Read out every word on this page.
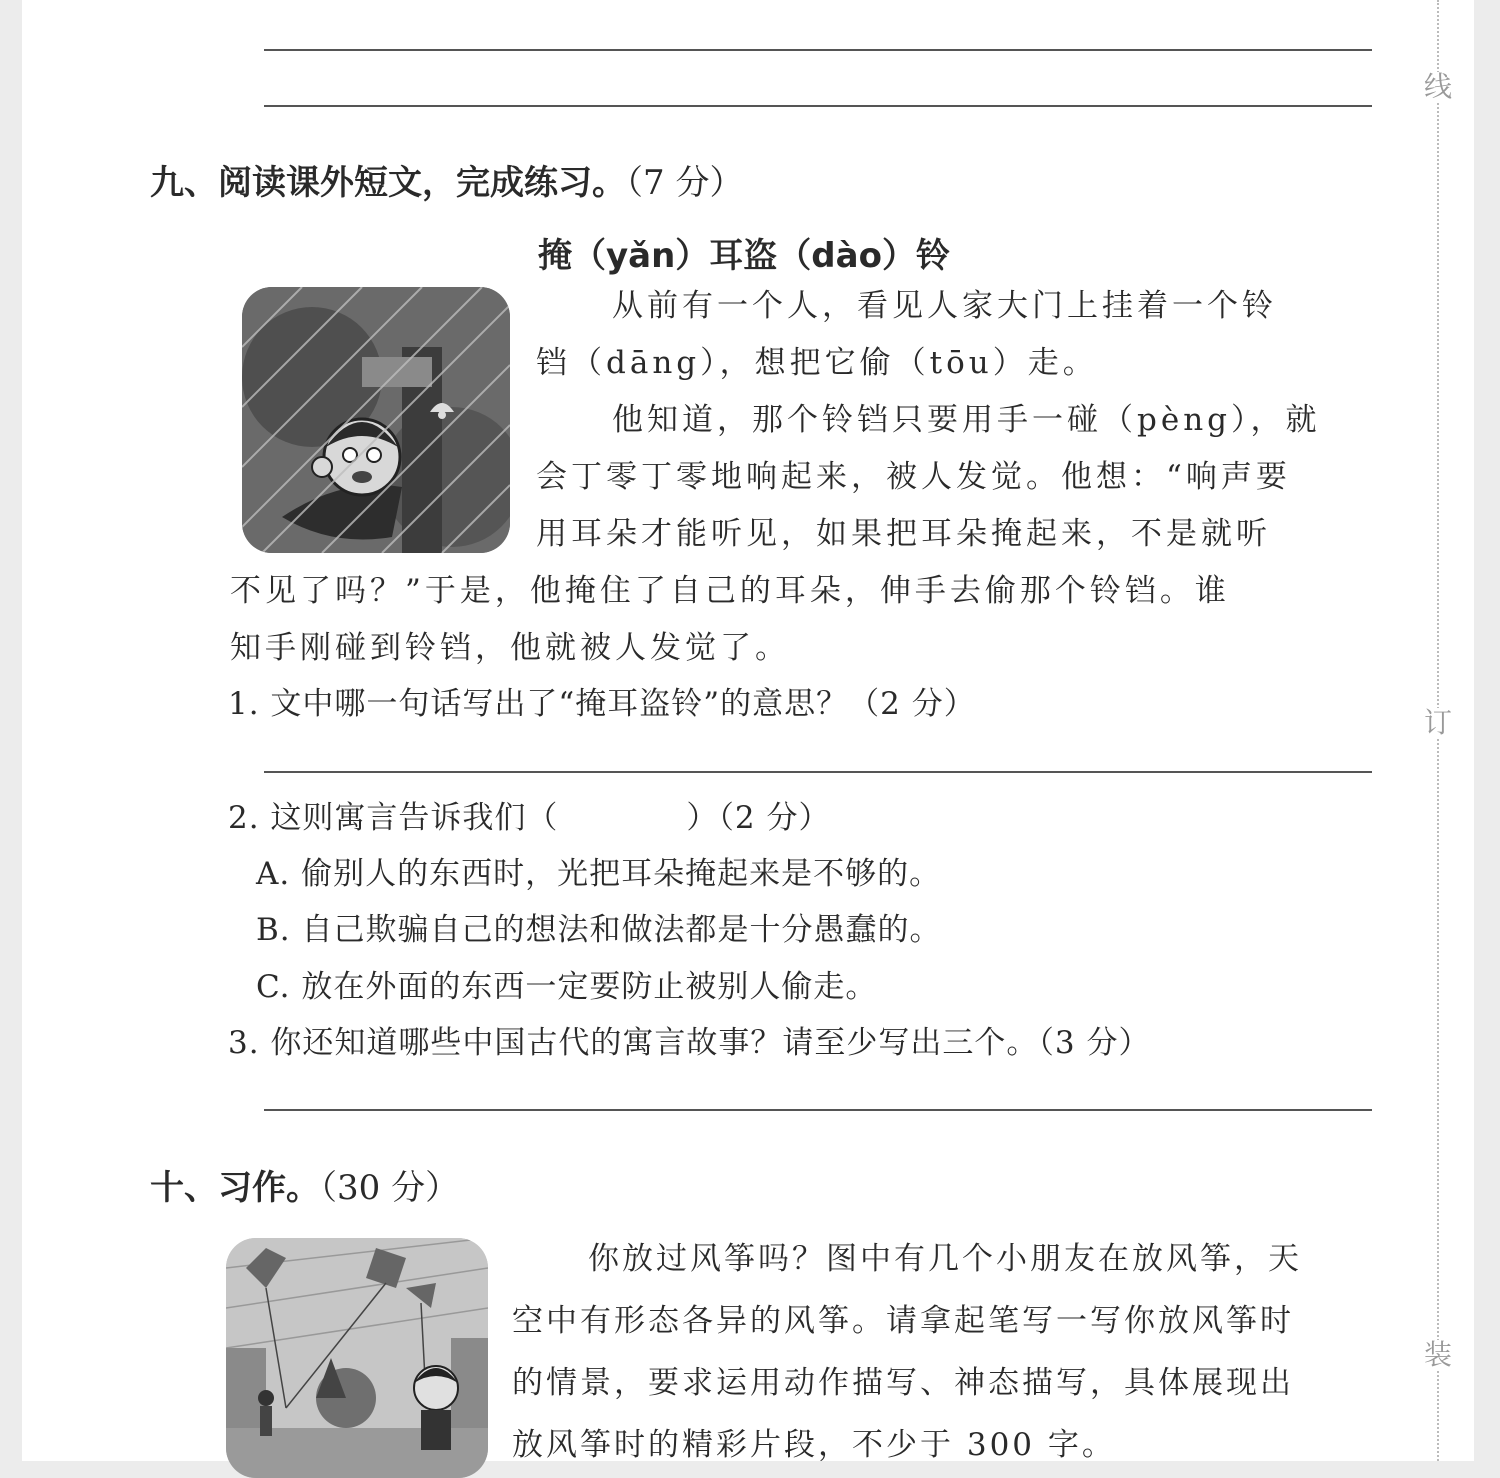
九、阅读课外短文，完成练习。（7 分）
掩（yǎn）耳盗（dào）铃
从前有一个人，看见人家大门上挂着一个铃
铛（dāng），想把它偷（tōu）走。
他知道，那个铃铛只要用手一碰（pèng），就
会丁零丁零地响起来，被人发觉。他想：“响声要
用耳朵才能听见，如果把耳朵掩起来，不是就听
不见了吗？”于是，他掩住了自己的耳朵，伸手去偷那个铃铛。谁
知手刚碰到铃铛，他就被人发觉了。
1. 文中哪一句话写出了“掩耳盗铃”的意思？（2 分）
2. 这则寓言告诉我们（　　　　）（2 分）
A. 偷别人的东西时，光把耳朵掩起来是不够的。
B. 自己欺骗自己的想法和做法都是十分愚蠢的。
C. 放在外面的东西一定要防止被别人偷走。
3. 你还知道哪些中国古代的寓言故事？请至少写出三个。（3 分）
十、习作。（30 分）
你放过风筝吗？图中有几个小朋友在放风筝，天
空中有形态各异的风筝。请拿起笔写一写你放风筝时
的情景，要求运用动作描写、神态描写，具体展现出
放风筝时的精彩片段，不少于 300 字。
线
订
装
